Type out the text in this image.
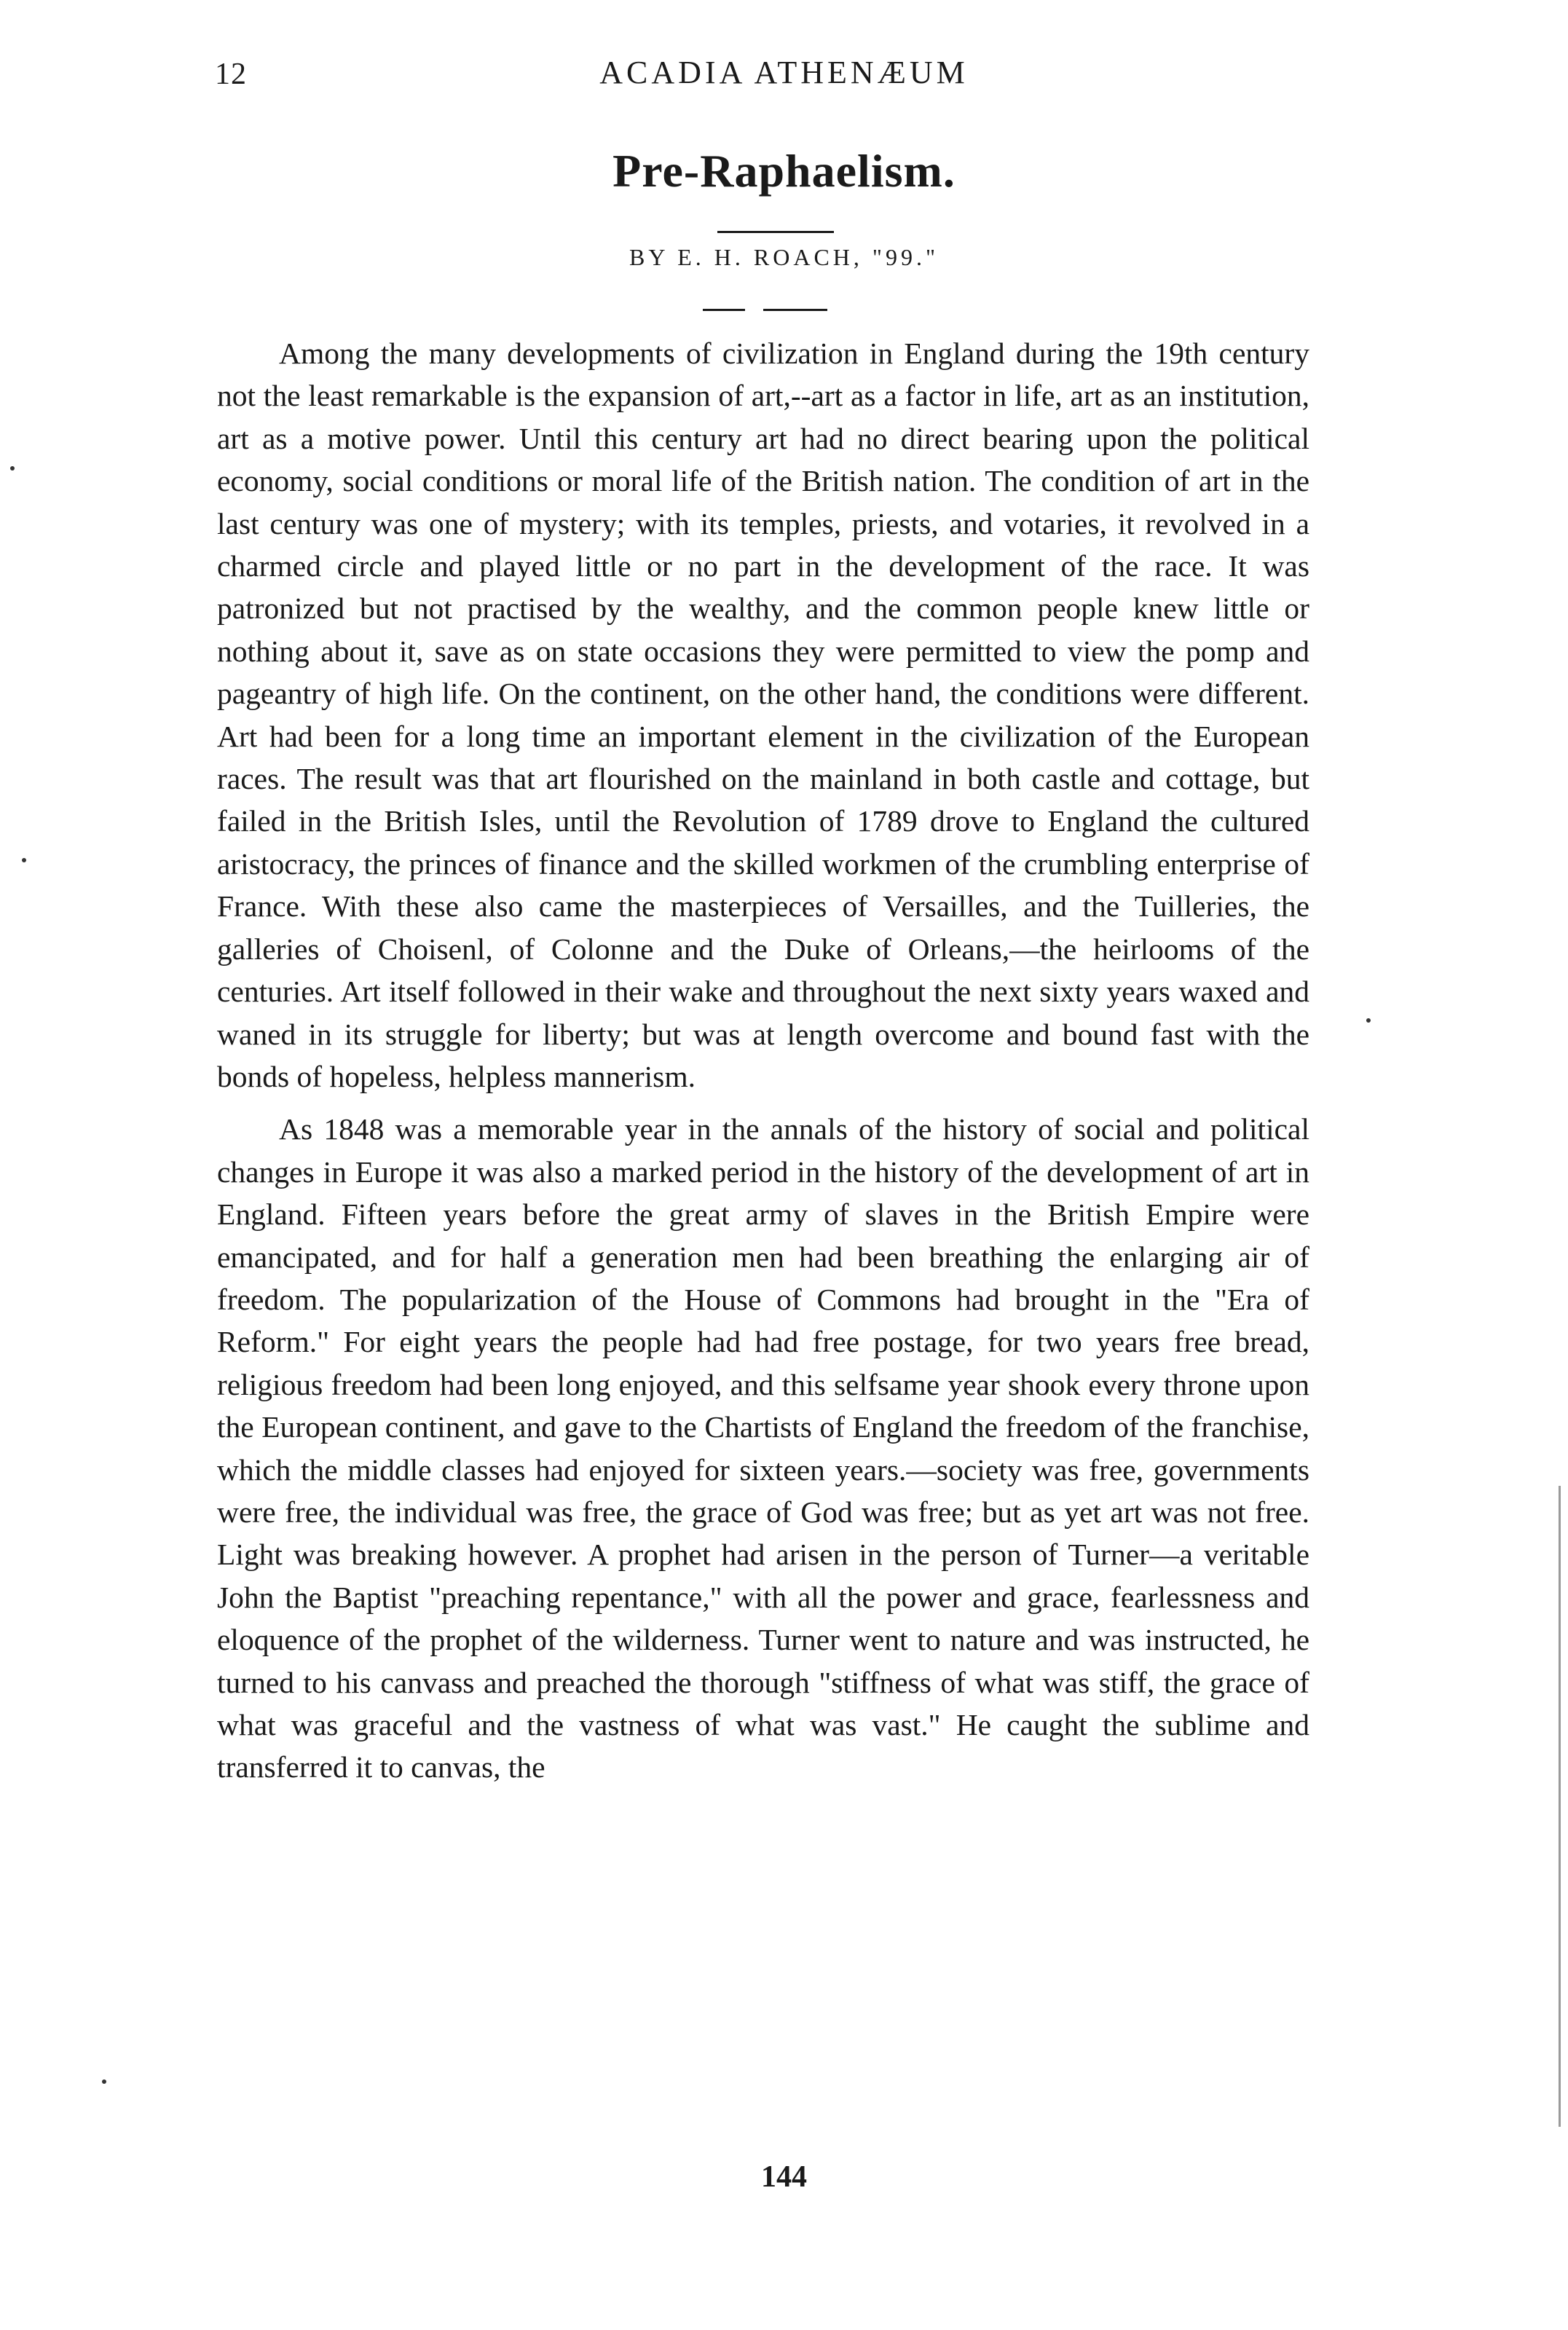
12	ACADIA ATHENÆUM
Pre-Raphaelism.
BY E. H. ROACH, "99."

Among the many developments of civilization in England during the 19th century not the least remarkable is the expansion of art,--art as a factor in life, art as an institution, art as a motive power. Until this century art had no direct bearing upon the political economy, social conditions or moral life of the British nation. The condition of art in the last century was one of mystery; with its temples, priests, and votaries, it revolved in a charmed circle and played little or no part in the development of the race. It was patronized but not practised by the wealthy, and the common people knew little or nothing about it, save as on state occasions they were permitted to view the pomp and pageantry of high life. On the continent, on the other hand, the conditions were different. Art had been for a long time an important element in the civilization of the European races. The result was that art flourished on the mainland in both castle and cottage, but failed in the British Isles, until the Revolution of 1789 drove to England the cultured aristocracy, the princes of finance and the skilled workmen of the crumbling enterprise of France. With these also came the masterpieces of Versailles, and the Tuilleries, the galleries of Choisenl, of Colonne and the Duke of Orleans,—the heirlooms of the centuries. Art itself followed in their wake and throughout the next sixty years waxed and waned in its struggle for liberty; but was at length overcome and bound fast with the bonds of hopeless, helpless mannerism.

As 1848 was a memorable year in the annals of the history of social and political changes in Europe it was also a marked period in the history of the development of art in England. Fifteen years before the great army of slaves in the British Empire were emancipated, and for half a generation men had been breathing the enlarging air of freedom. The popularization of the House of Commons had brought in the "Era of Reform." For eight years the people had had free postage, for two years free bread, religious freedom had been long enjoyed, and this selfsame year shook every throne upon the European continent, and gave to the Chartists of England the freedom of the franchise, which the middle classes had enjoyed for sixteen years.—society was free, governments were free, the individual was free, the grace of God was free; but as yet art was not free. Light was breaking however. A prophet had arisen in the person of Turner—a veritable John the Baptist "preaching repentance," with all the power and grace, fearlessness and eloquence of the prophet of the wilderness. Turner went to nature and was instructed, he turned to his canvass and preached the thorough "stiffness of what was stiff, the grace of what was graceful and the vastness of what was vast." He caught the sublime and transferred it to canvas, the

144
